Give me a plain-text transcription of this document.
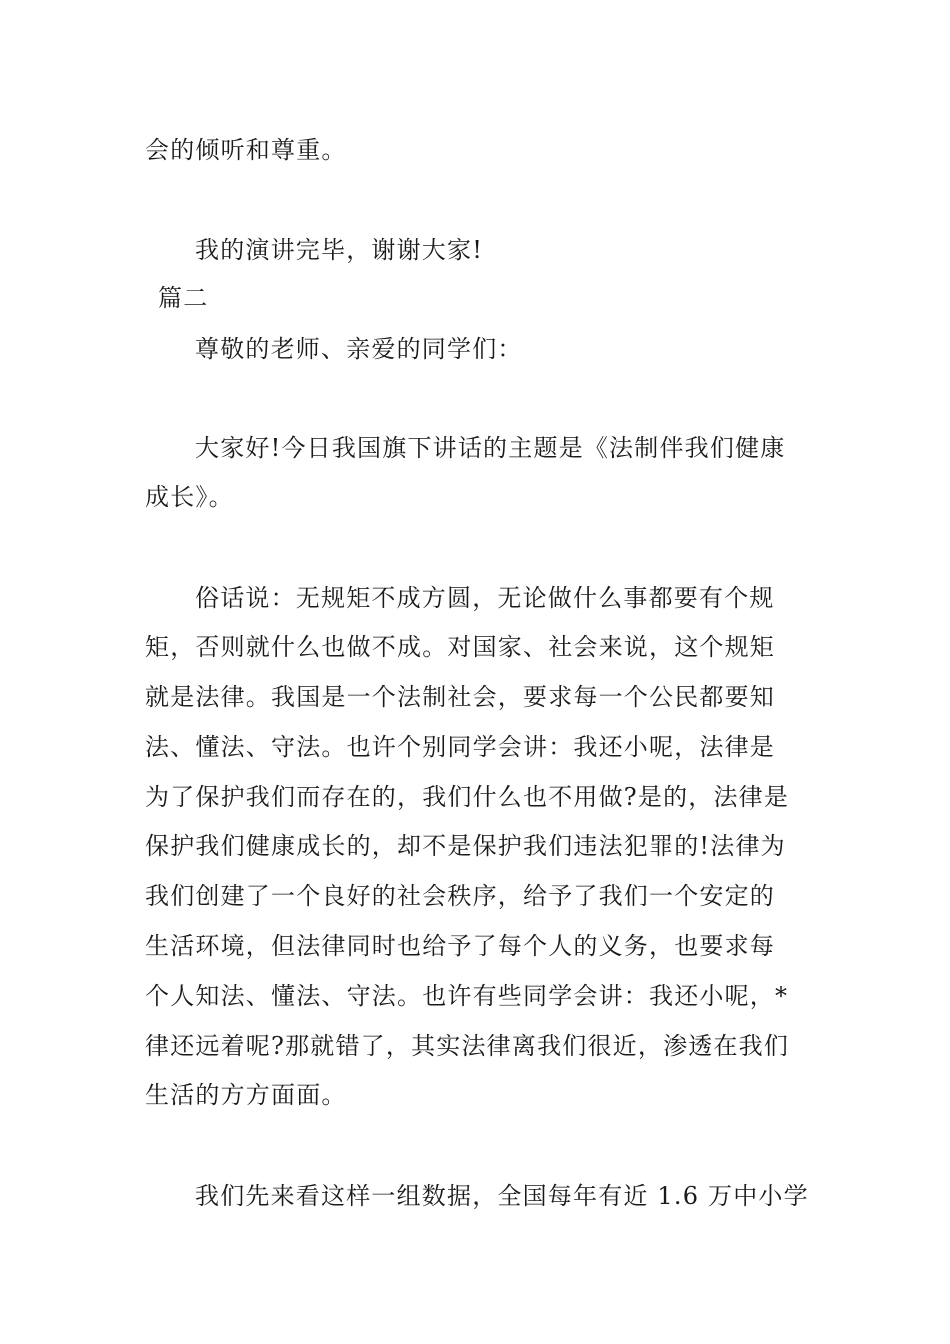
会的倾听和尊重。
我的演讲完毕，谢谢大家!
篇二
尊敬的老师、亲爱的同学们：
大家好!今日我国旗下讲话的主题是《法制伴我们健康
成长》。
俗话说：无规矩不成方圆，无论做什么事都要有个规
矩，否则就什么也做不成。对国家、社会来说，这个规矩
就是法律。我国是一个法制社会，要求每一个公民都要知
法、懂法、守法。也许个别同学会讲：我还小呢，法律是
为了保护我们而存在的，我们什么也不用做?是的，法律是
保护我们健康成长的，却不是保护我们违法犯罪的!法律为
我们创建了一个良好的社会秩序，给予了我们一个安定的
生活环境，但法律同时也给予了每个人的义务，也要求每
个人知法、懂法、守法。也许有些同学会讲：我还小呢，*
律还远着呢?那就错了，其实法律离我们很近，渗透在我们
生活的方方面面。
我们先来看这样一组数据，全国每年有近 1.6 万中小学
